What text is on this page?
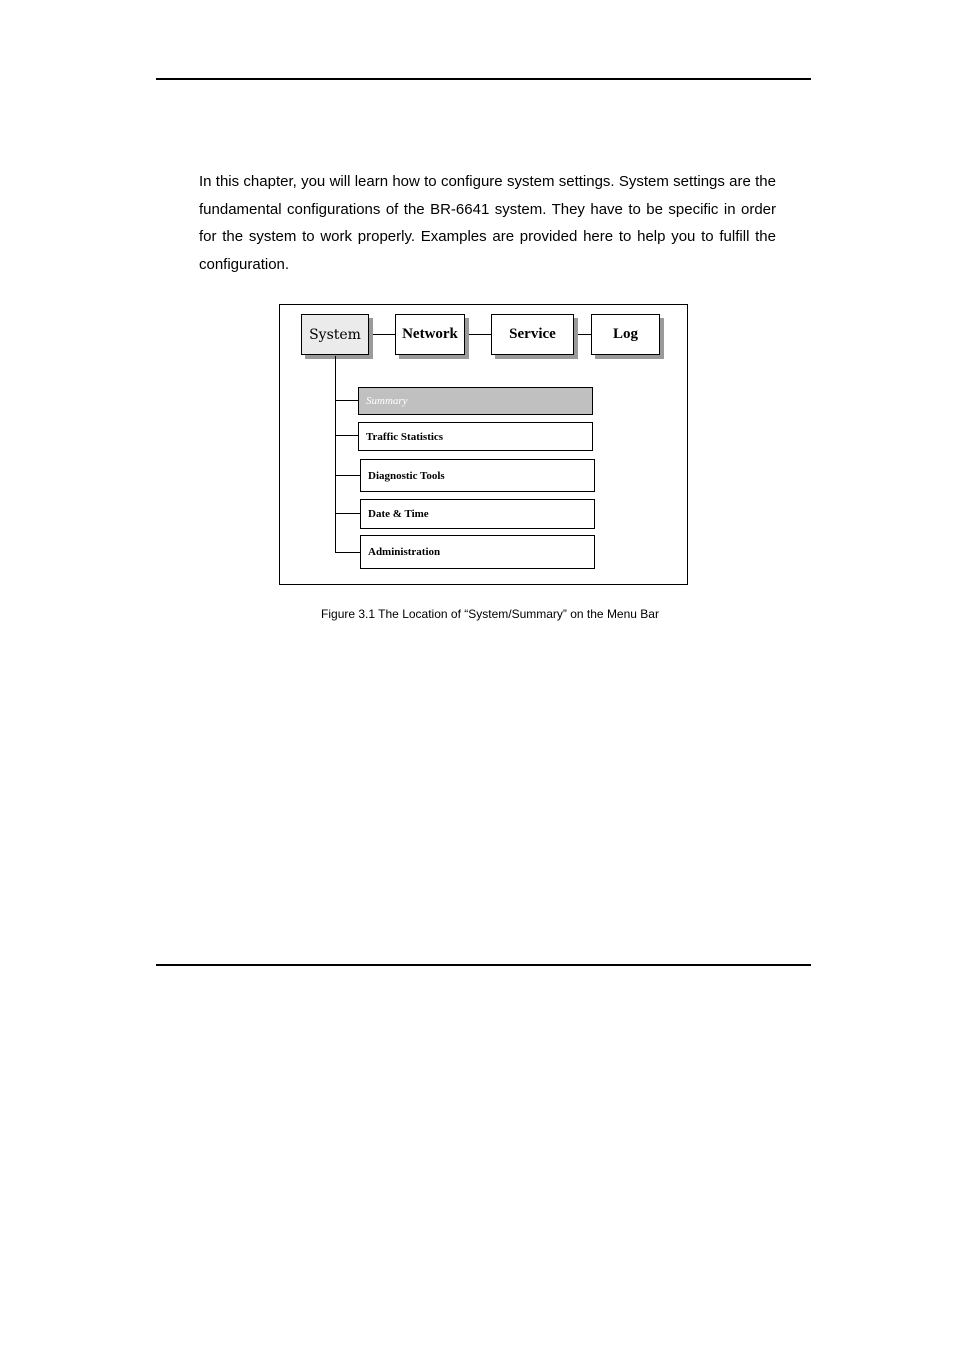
In this chapter, you will learn how to configure system settings. System settings are the fundamental configurations of the BR-6641 system. They have to be specific in order for the system to work properly. Examples are provided here to help you to fulfill the configuration.

System	Network	Service	Log
Summary
Traffic Statistics
Diagnostic Tools
Date & Time
Administration
Figure 3.1 The Location of “System/Summary” on the Menu Bar
